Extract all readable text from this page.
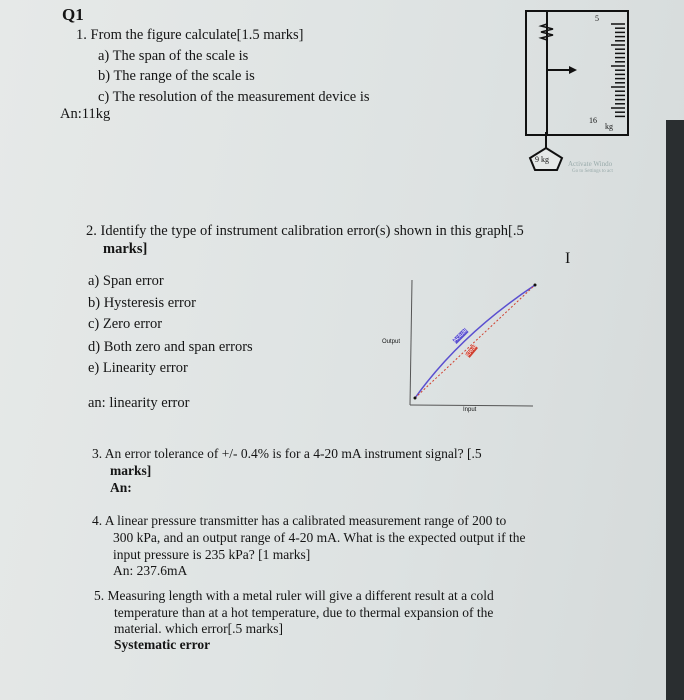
Q1
1. From the figure calculate[1.5 marks]
a) The span of the scale is
b) The range of the scale is
c) The resolution of the measurement device is
An:11kg
5
16
kg
9 kg	Activate Windo
Go to Settings to act
2. Identify the type of instrument calibration error(s) shown in this graph[.5
marks]
I
a) Span error
b) Hysteresis error
c) Zero error
d) Both zero and span errors
e) Linearity error
an: linearity error
Output
Input
Actual
Ideal
3. An error tolerance of +/- 0.4% is for a 4-20 mA instrument signal? [.5
marks]
An:
4. A linear pressure transmitter has a calibrated measurement range of 200 to
300 kPa, and an output range of 4-20 mA. What is the expected output if the
input pressure is 235 kPa? [1 marks]
An: 237.6mA
5. Measuring length with a metal ruler will give a different result at a cold
temperature than at a hot temperature, due to thermal expansion of the
material. which error[.5 marks]
Systematic error
